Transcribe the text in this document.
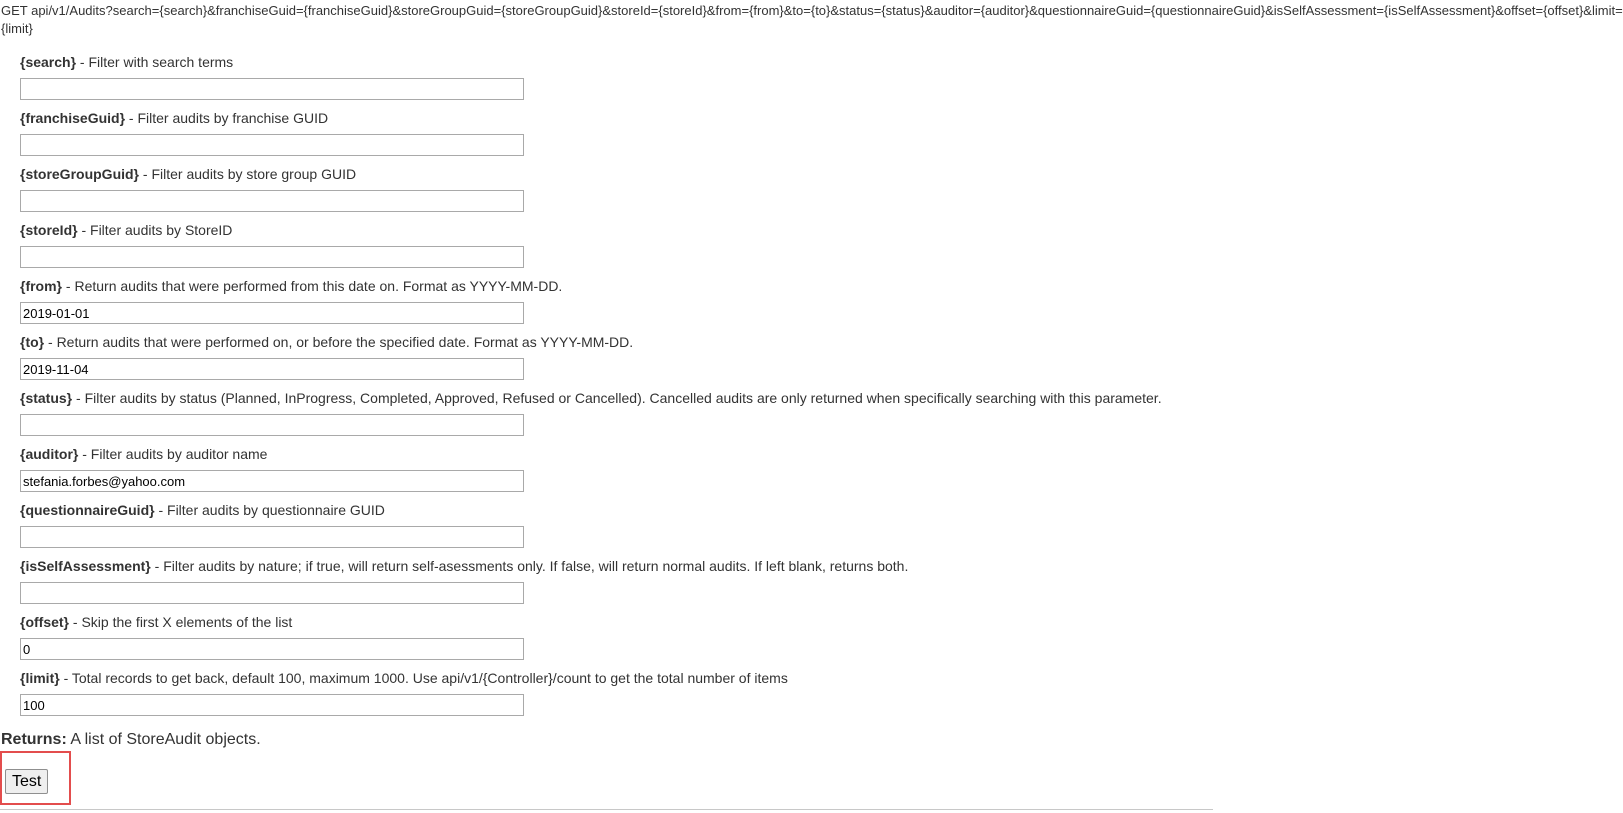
GET api/v1/Audits?search={search}&franchiseGuid={franchiseGuid}&storeGroupGuid={storeGroupGuid}&storeId={storeId}&from={from}&to={to}&status={status}&auditor={auditor}&questionnaireGuid={questionnaireGuid}&isSelfAssessment={isSelfAssessment}&offset={offset}&limit=
{limit}
{search} - Filter with search terms
{franchiseGuid} - Filter audits by franchise GUID
{storeGroupGuid} - Filter audits by store group GUID
{storeId} - Filter audits by StoreID
{from} - Return audits that were performed from this date on. Format as YYYY-MM-DD.
2019-01-01
{to} - Return audits that were performed on, or before the specified date. Format as YYYY-MM-DD.
2019-11-04
{status} - Filter audits by status (Planned, InProgress, Completed, Approved, Refused or Cancelled). Cancelled audits are only returned when specifically searching with this parameter.
{auditor} - Filter audits by auditor name
stefania.forbes@yahoo.com
{questionnaireGuid} - Filter audits by questionnaire GUID
{isSelfAssessment} - Filter audits by nature; if true, will return self-asessments only. If false, will return normal audits. If left blank, returns both.
{offset} - Skip the first X elements of the list
0
{limit} - Total records to get back, default 100, maximum 1000. Use api/v1/{Controller}/count to get the total number of items
100
Returns: A list of StoreAudit objects.
Test
